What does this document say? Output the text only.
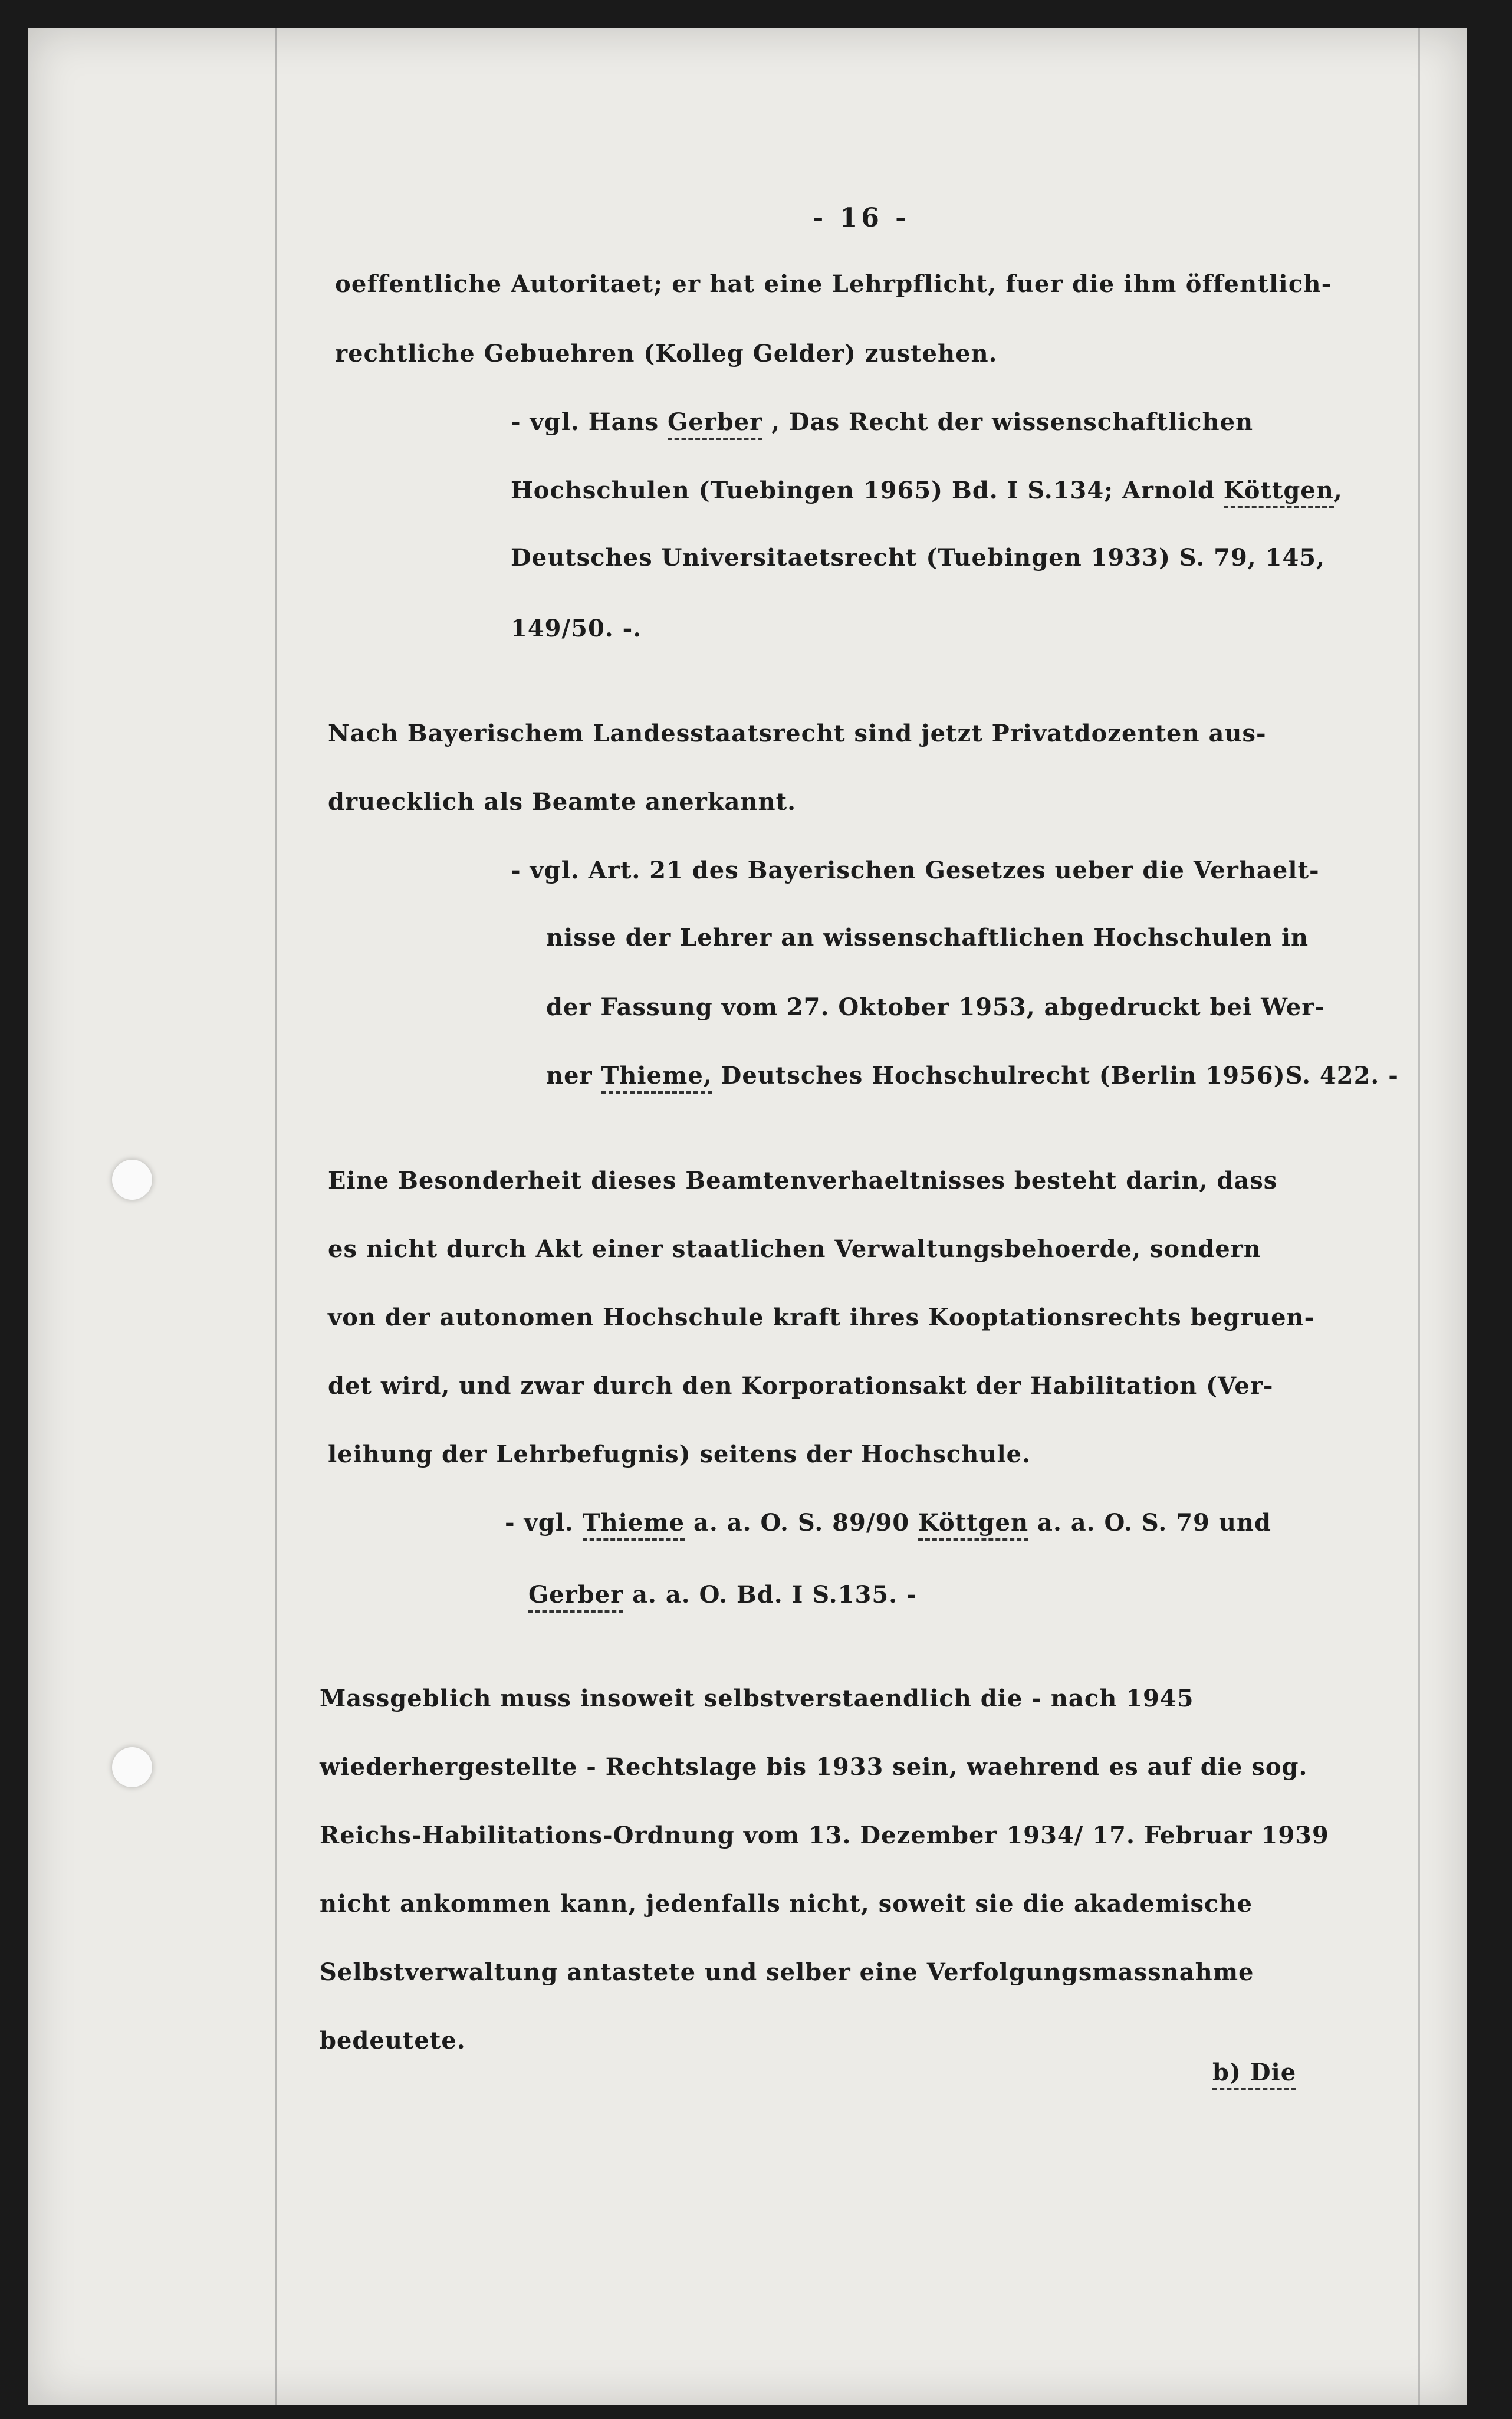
- 16 -
oeffentliche Autoritaet; er hat eine Lehrpflicht, fuer die ihm öffentlich-
rechtliche Gebuehren (Kolleg Gelder) zustehen.
- vgl. Hans Gerber , Das Recht der wissenschaftlichen
Hochschulen (Tuebingen 1965) Bd. I S.134; Arnold Köttgen,
Deutsches Universitaetsrecht (Tuebingen 1933) S. 79, 145,
149/50. -.
Nach Bayerischem Landesstaatsrecht sind jetzt Privatdozenten aus-
druecklich als Beamte anerkannt.
- vgl. Art. 21 des Bayerischen Gesetzes ueber die Verhaelt-
nisse der Lehrer an wissenschaftlichen Hochschulen in
der Fassung vom 27. Oktober 1953, abgedruckt bei Wer-
ner Thieme, Deutsches Hochschulrecht (Berlin 1956)S. 422. -
Eine Besonderheit dieses Beamtenverhaeltnisses besteht darin, dass
es nicht durch Akt einer staatlichen Verwaltungsbehoerde, sondern
von der autonomen Hochschule kraft ihres Kooptationsrechts begruen-
det wird, und zwar durch den Korporationsakt der Habilitation (Ver-
leihung der Lehrbefugnis) seitens der Hochschule.
- vgl. Thieme a. a. O. S. 89/90 Köttgen a. a. O. S. 79 und
Gerber a. a. O. Bd. I S.135. -
Massgeblich muss insoweit selbstverstaendlich die - nach 1945
wiederhergestellte - Rechtslage bis 1933 sein, waehrend es auf die sog.
Reichs-Habilitations-Ordnung vom 13. Dezember 1934/ 17. Februar 1939
nicht ankommen kann, jedenfalls nicht, soweit sie die akademische
Selbstverwaltung antastete und selber eine Verfolgungsmassnahme
bedeutete.
b) Die
